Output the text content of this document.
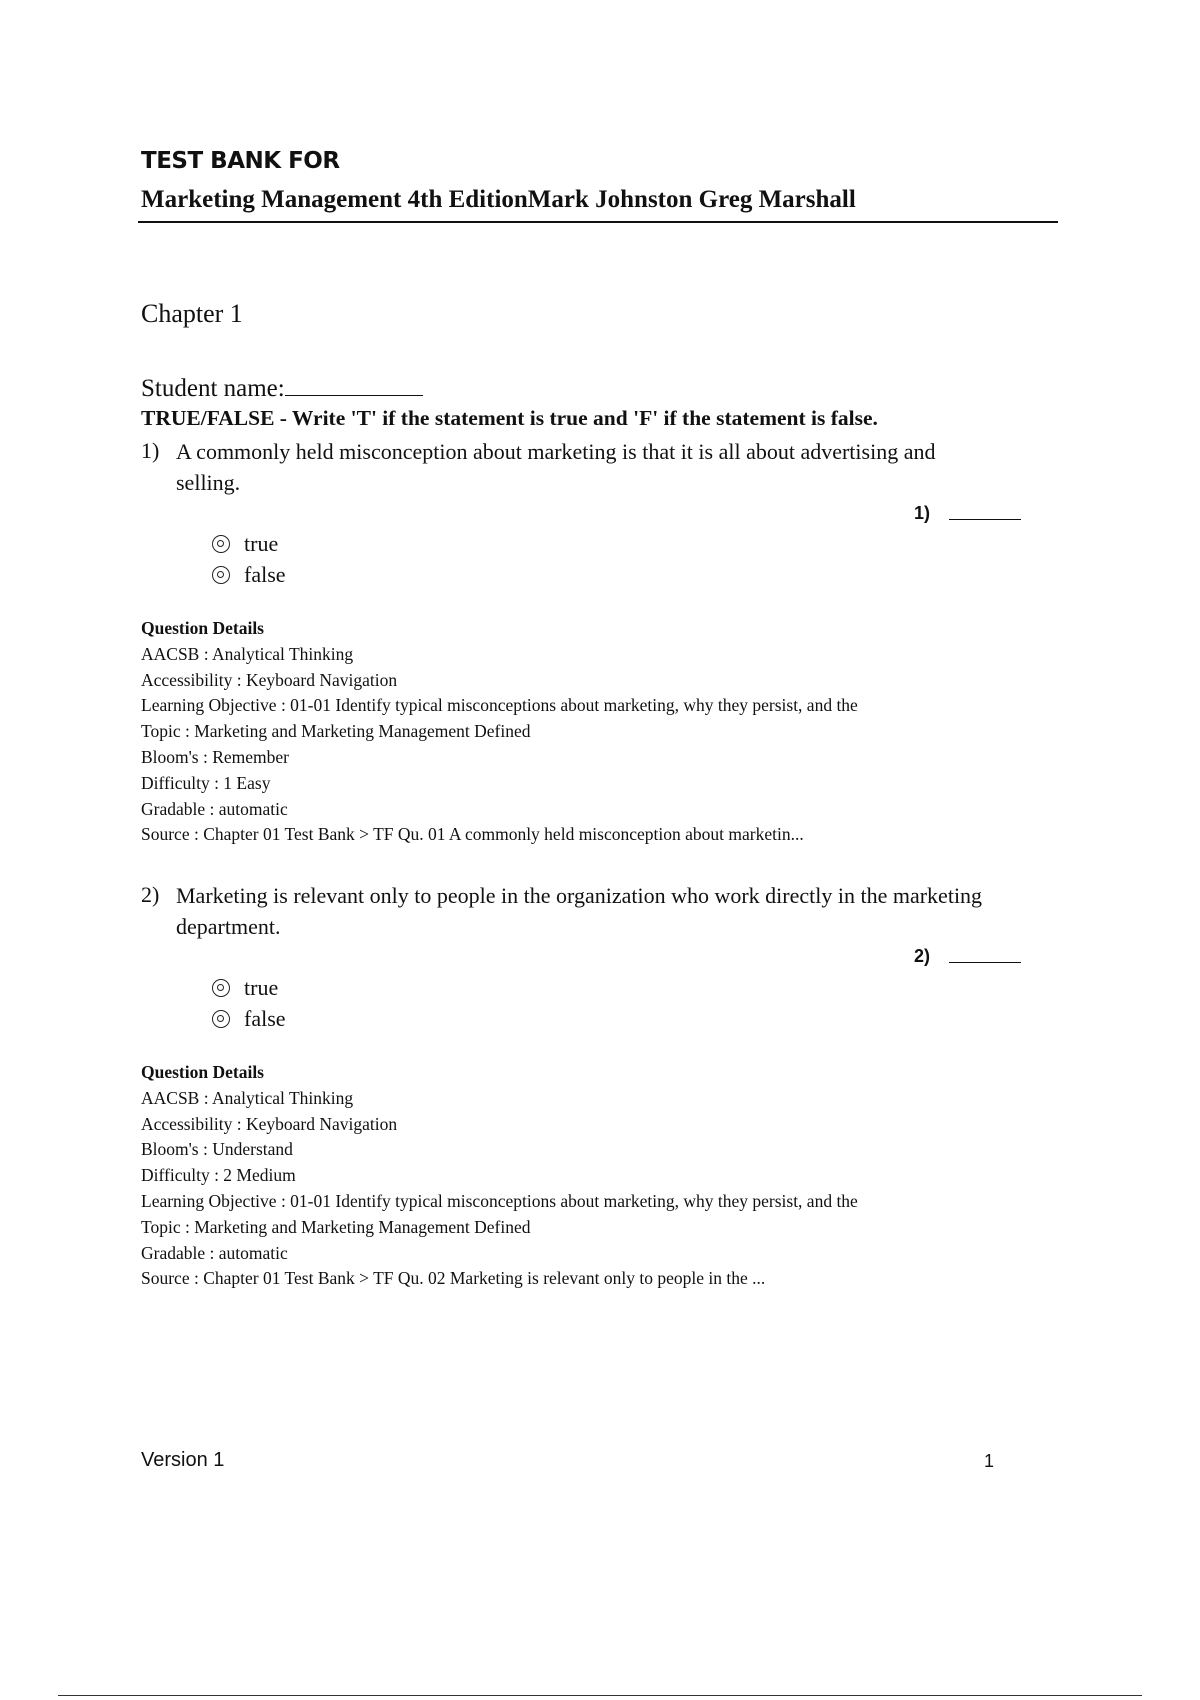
TEST BANK FOR
Marketing Management 4th EditionMark Johnston Greg Marshall
Chapter 1
Student name:
TRUE/FALSE - Write 'T' if the statement is true and 'F' if the statement is false.
1) A commonly held misconception about marketing is that it is all about advertising and
selling.
1)
true
false
Question Details
AACSB : Analytical Thinking
Accessibility : Keyboard Navigation
Learning Objective : 01-01 Identify typical misconceptions about marketing, why they persist, and the
Topic : Marketing and Marketing Management Defined
Bloom's : Remember
Difficulty : 1 Easy
Gradable : automatic
Source : Chapter 01 Test Bank > TF Qu. 01 A commonly held misconception about marketin...
2) Marketing is relevant only to people in the organization who work directly in the marketing
department.
2)
true
false
Question Details
AACSB : Analytical Thinking
Accessibility : Keyboard Navigation
Bloom's : Understand
Difficulty : 2 Medium
Learning Objective : 01-01 Identify typical misconceptions about marketing, why they persist, and the
Topic : Marketing and Marketing Management Defined
Gradable : automatic
Source : Chapter 01 Test Bank > TF Qu. 02 Marketing is relevant only to people in the ...
Version 1	1
